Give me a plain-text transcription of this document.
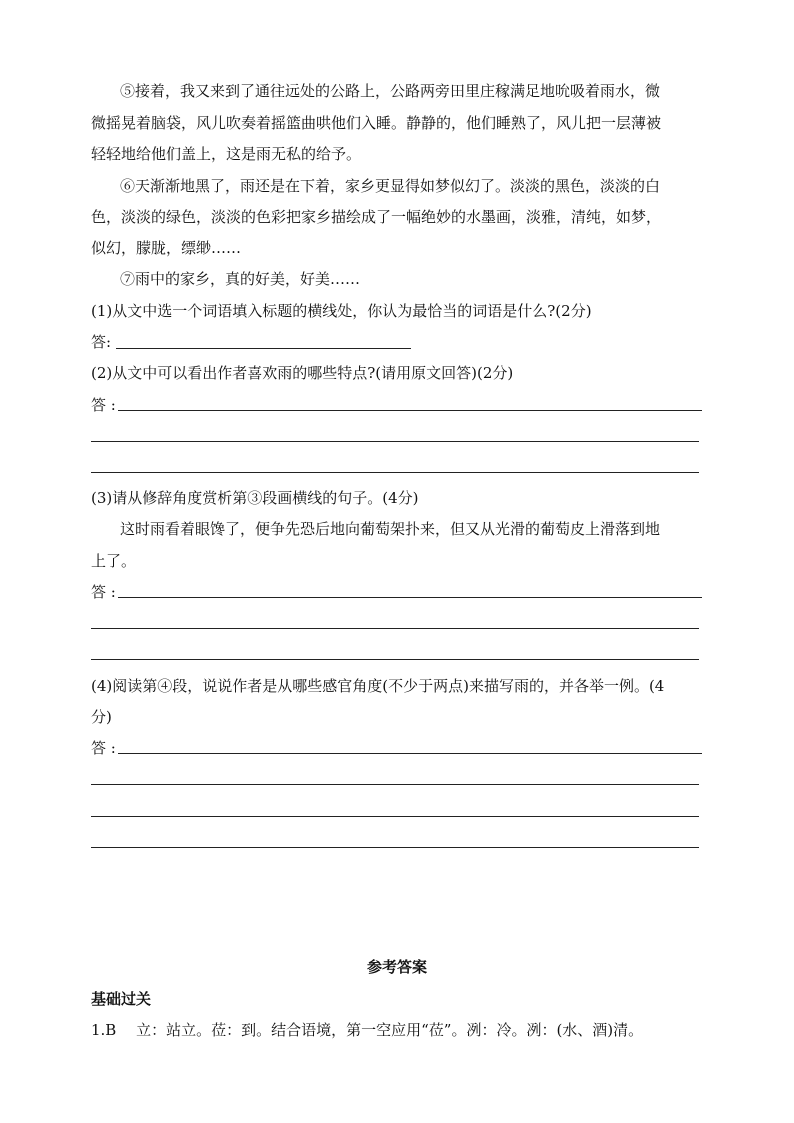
⑤接着，我又来到了通往远处的公路上，公路两旁田里庄稼满足地吮吸着雨水，微
微摇晃着脑袋，风儿吹奏着摇篮曲哄他们入睡。静静的，他们睡熟了，风儿把一层薄被
轻轻地给他们盖上，这是雨无私的给予。
⑥天渐渐地黑了，雨还是在下着，家乡更显得如梦似幻了。淡淡的黑色，淡淡的白
色，淡淡的绿色，淡淡的色彩把家乡描绘成了一幅绝妙的水墨画，淡雅，清纯，如梦，
似幻，朦胧，缥缈……
⑦雨中的家乡，真的好美，好美……
(1)从文中选一个词语填入标题的横线处，你认为最恰当的词语是什么?(2分)
答:
(2)从文中可以看出作者喜欢雨的哪些特点?(请用原文回答)(2分)
答 :
(3)请从修辞角度赏析第③段画横线的句子。(4分)
这时雨看着眼馋了，便争先恐后地向葡萄架扑来，但又从光滑的葡萄皮上滑落到地
上了。
答 :
(4)阅读第④段，说说作者是从哪些感官角度(不少于两点)来描写雨的，并各举一例。(4
分)
答 :
参考答案
基础过关
1.B　 立：站立。莅：到。结合语境，第一空应用“莅”。冽：冷。冽：(水、酒)清。
